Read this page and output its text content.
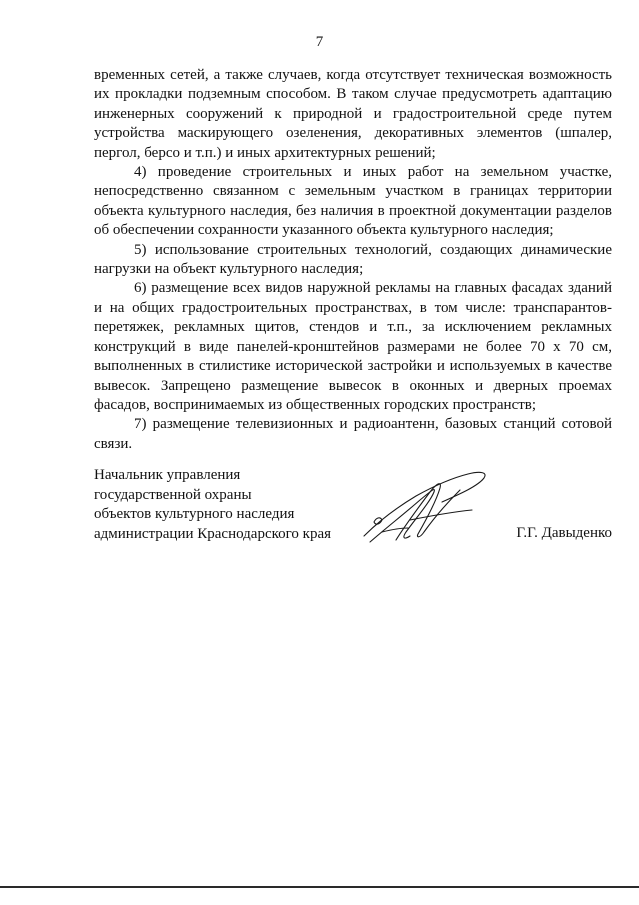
7

временных сетей, а также случаев, когда отсутствует техническая возможность их прокладки подземным способом. В таком случае предусмотреть адаптацию инженерных сооружений к природной и градостроительной среде путем устройства маскирующего озеленения, декоративных элементов (шпалер, пергол, берсо и т.п.) и иных архитектурных решений;

4) проведение строительных и иных работ на земельном участке, непосредственно связанном с земельным участком в границах территории объекта культурного наследия, без наличия в проектной документации разделов об обеспечении сохранности указанного объекта культурного наследия;

5) использование строительных технологий, создающих динамические нагрузки на объект культурного наследия;

6) размещение всех видов наружной рекламы на главных фасадах зданий и на общих градостроительных пространствах, в том числе: транспарантов-перетяжек, рекламных щитов, стендов и т.п., за исключением рекламных конструкций в виде панелей-кронштейнов размерами не более 70 х 70 см, выполненных в стилистике исторической застройки и используемых в качестве вывесок. Запрещено размещение вывесок в оконных и дверных проемах фасадов, воспринимаемых из общественных городских пространств;

7) размещение телевизионных и радиоантенн, базовых станций сотовой связи.

Начальник управления
государственной охраны
объектов культурного наследия
администрации Краснодарского края	Г.Г. Давыденко
